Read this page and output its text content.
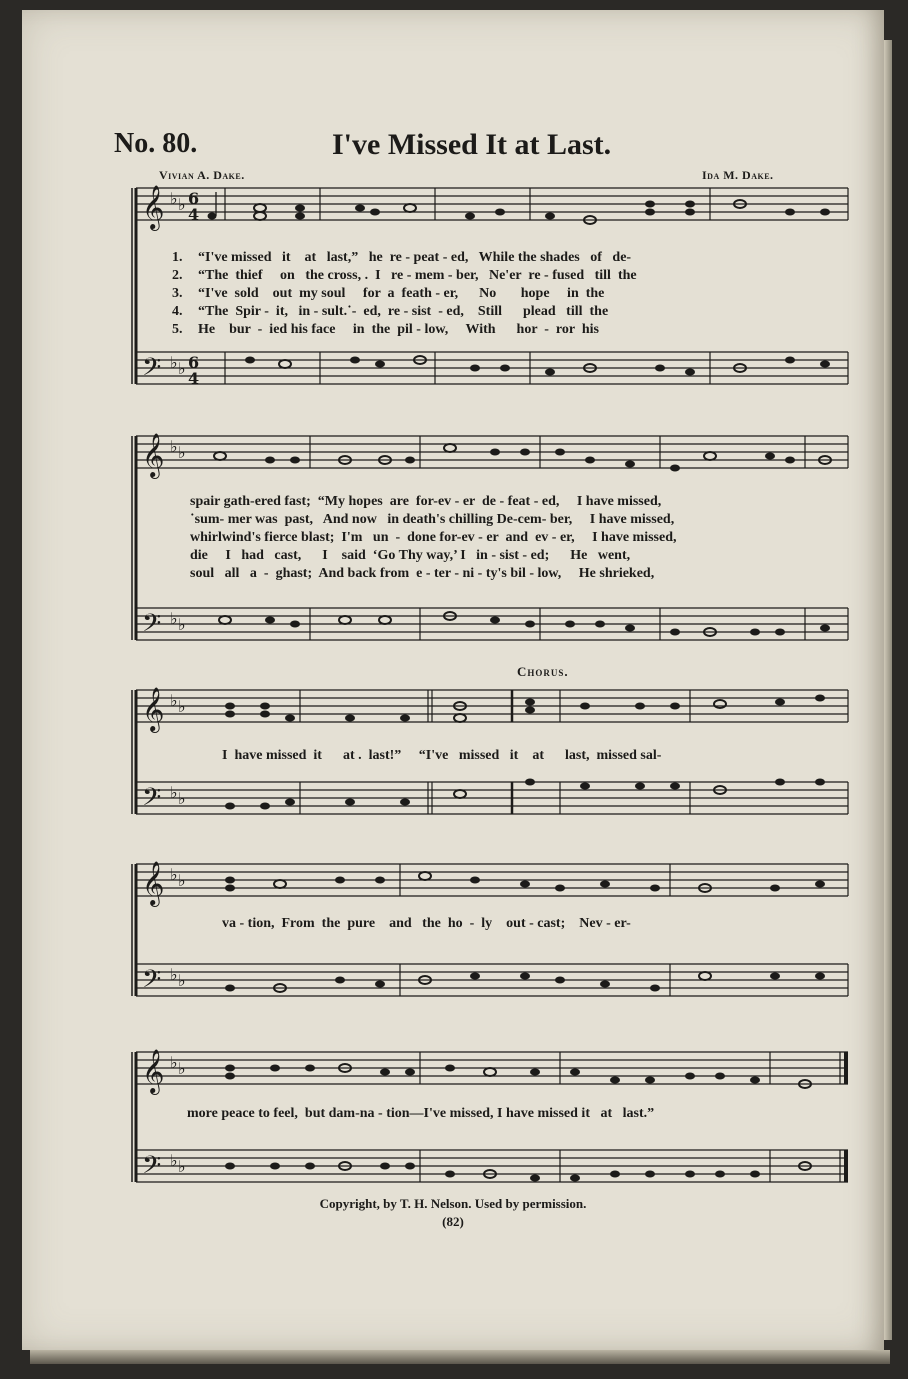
No. 80.	I've Missed It at Last.
Vivian A. Dake.	Ida M. Dake.
𝄞
𝄢
♭ ♭
♭ ♭
6
4
6
4
1.
2.
3.
4.
5.
“I've missed   it    at   last,”   he  re - peat - ed,   While the shades   of   de-
“The  thief     on   the cross, .  I   re - mem - ber,   Ne'er  re - fused   till  the
“I've  sold    out  my soul     for  a  feath - er,      No       hope     in  the
“The  Spir -  it,   in - sult.˙-  ed,  re - sist  - ed,    Still      plead   till  the
He    bur  -  ied his face     in  the  pil - low,     With      hor  -  ror  his
𝄞
𝄢
♭ ♭
♭ ♭
spair gath-ered fast;  “My hopes  are  for-ev - er  de - feat - ed,     I have missed,
˙sum- mer was  past,   And now   in death's chilling De-cem- ber,     I have missed,
whirlwind's fierce blast;  I'm   un  -  done for-ev - er  and  ev - er,     I have missed,
die     I   had   cast,      I    said  ‘Go Thy way,’ I   in - sist - ed;      He   went,
soul   all   a  -  ghast;  And back from  e - ter - ni - ty's bil - low,     He shrieked,
Chorus.
𝄞
𝄢
♭ ♭
♭ ♭
I  have missed  it      at .  last!”     “I've   missed   it    at      last,  missed sal-
𝄞
𝄢
♭ ♭
♭ ♭
va - tion,  From  the  pure    and   the  ho  -  ly    out - cast;    Nev - er-
𝄞
𝄢
♭ ♭
♭ ♭
more peace to feel,  but dam-na - tion—I've missed, I have missed it   at   last.”
Copyright, by T. H. Nelson. Used by permission.
(82)
